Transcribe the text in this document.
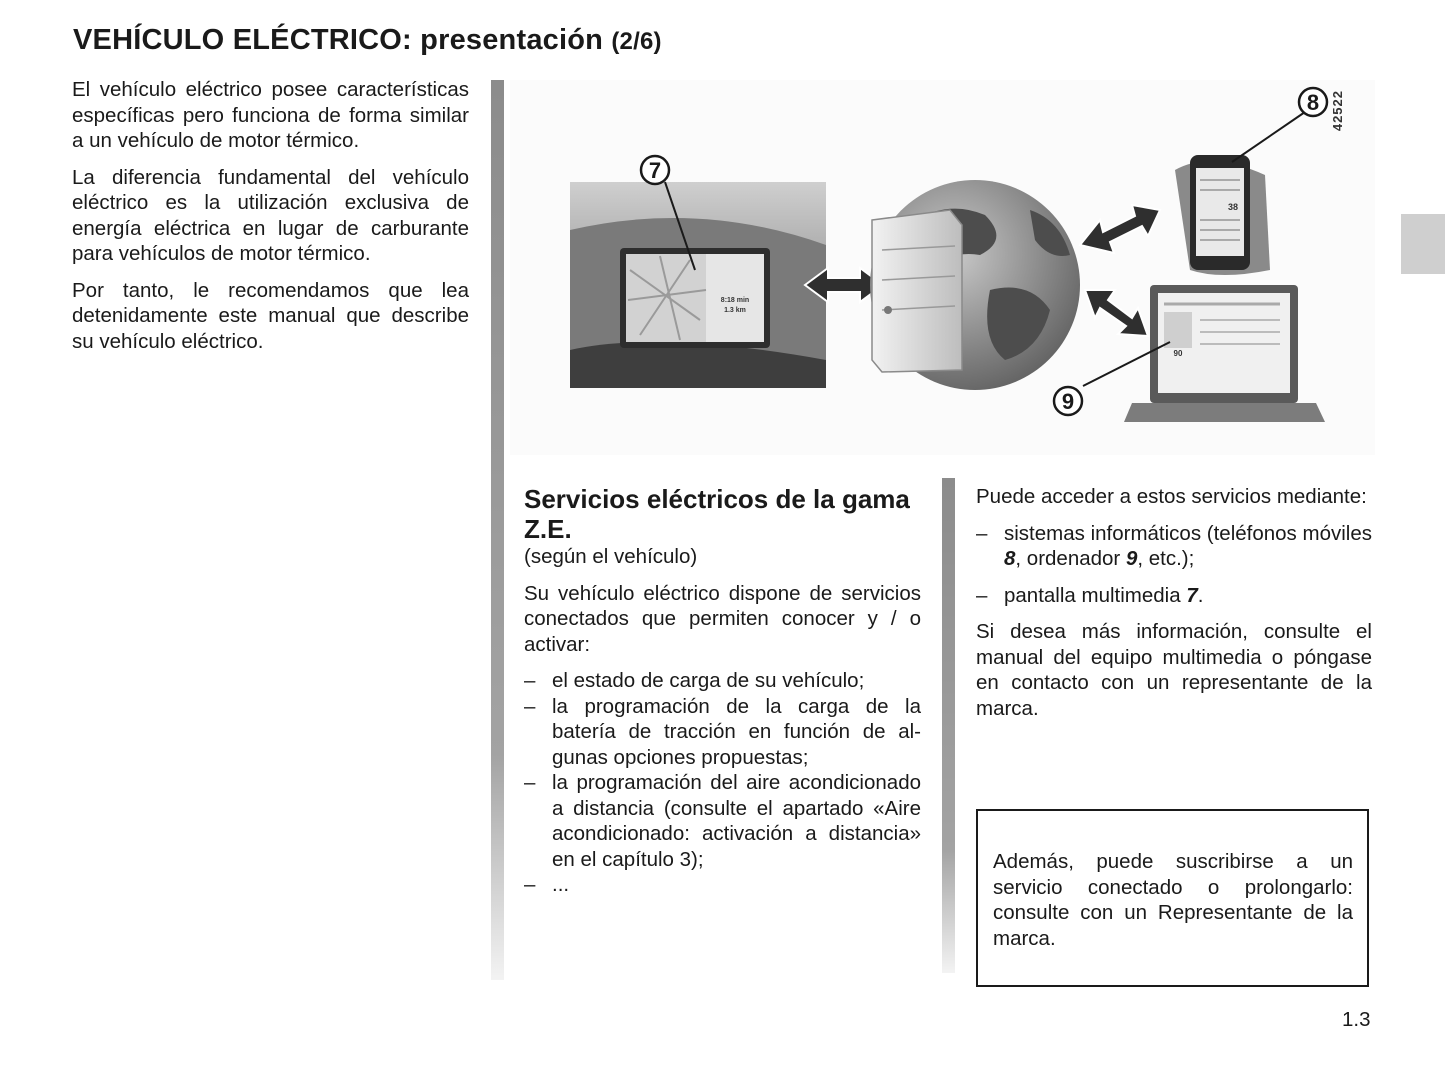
VEHÍCULO ELÉCTRICO: presentación (2/6)

El vehículo eléctrico posee características específicas pero funciona de forma similar a un vehículo de motor térmico.

La diferencia fundamental del vehículo eléctrico es la utilización exclusiva de energía eléctrica en lugar de carburante para vehículos de motor térmico.

Por tanto, le recomendamos que lea detenidamente este manual que describe su vehículo eléctrico.

8:18 min
1.3 km
38
90
7
8
9
42522
Servicios eléctricos de la gama Z.E.

(según el vehículo)

Su vehículo eléctrico dispone de servicios conectados que permiten conocer y / o activar:

– el estado de carga de su vehículo;
– la programación de la carga de la batería de tracción en función de algunas opciones propuestas;
– la programación del aire acondicionado a distancia (consulte el apartado «Aire acondicionado: activación a distancia» en el capítulo 3);
– ...

Puede acceder a estos servicios mediante:

– sistemas informáticos (teléfonos móviles 8, ordenador 9, etc.);
– pantalla multimedia 7.

Si desea más información, consulte el manual del equipo multimedia o póngase en contacto con un representante de la marca.

Además, puede suscribirse a un servicio conectado o prolongarlo: consulte con un Representante de la marca.

1.3
